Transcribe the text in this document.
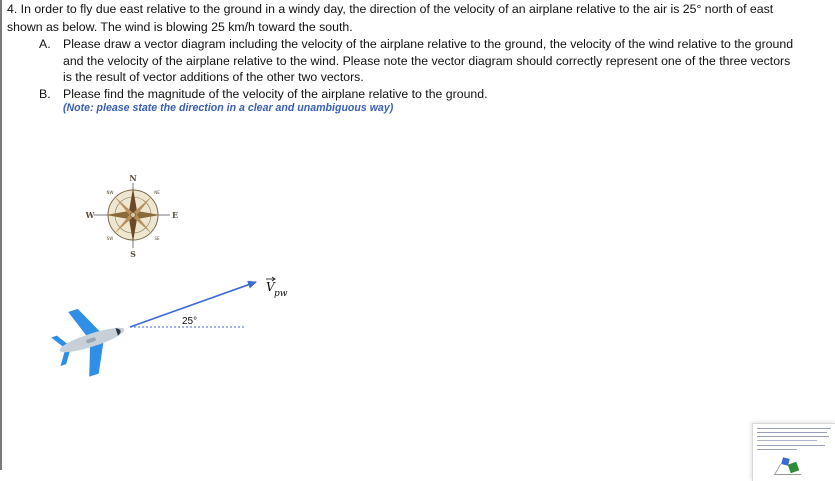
4. In order to fly due east relative to the ground in a windy day, the direction of the velocity of an airplane relative to the air is 25° north of east
shown as below. The wind is blowing 25 km/h toward the south.
A. Please draw a vector diagram including the velocity of the airplane relative to the ground, the velocity of the wind relative to the ground
and the velocity of the airplane relative to the wind. Please note the vector diagram should correctly represent one of the three vectors
is the result of vector additions of the other two vectors.
B. Please find the magnitude of the velocity of the airplane relative to the ground.
(Note: please state the direction in a clear and unambiguous way)
N
S
E
W
NW	NE
SW	SE
25°
V pw
